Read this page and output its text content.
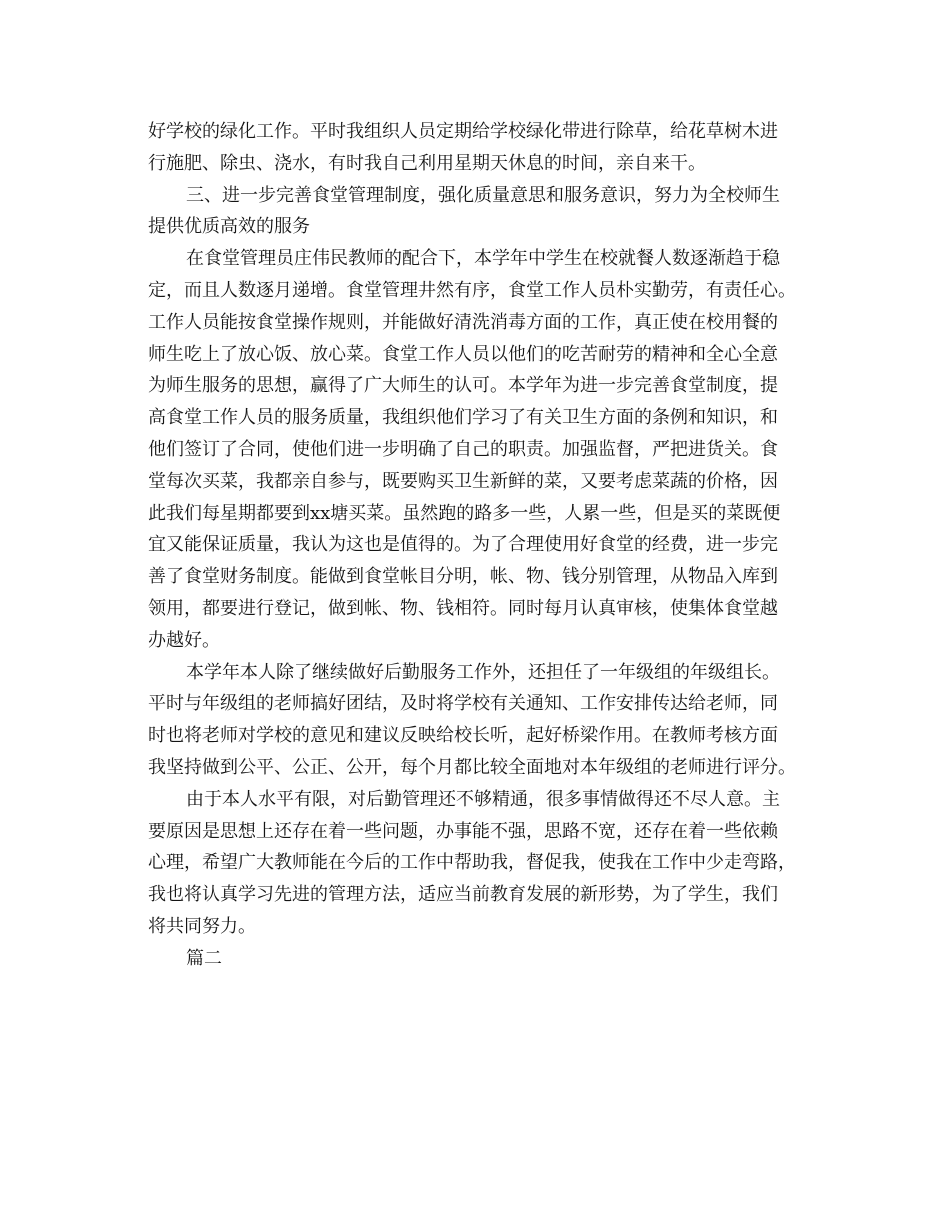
好学校的绿化工作。平时我组织人员定期给学校绿化带进行除草，给花草树木进
行施肥、除虫、浇水，有时我自己利用星期天休息的时间，亲自来干。
三、进一步完善食堂管理制度，强化质量意思和服务意识，努力为全校师生
提供优质高效的服务
在食堂管理员庄伟民教师的配合下，本学年中学生在校就餐人数逐渐趋于稳
定，而且人数逐月递增。食堂管理井然有序，食堂工作人员朴实勤劳，有责任心。
工作人员能按食堂操作规则，并能做好清洗消毒方面的工作，真正使在校用餐的
师生吃上了放心饭、放心菜。食堂工作人员以他们的吃苦耐劳的精神和全心全意
为师生服务的思想，赢得了广大师生的认可。本学年为进一步完善食堂制度，提
高食堂工作人员的服务质量，我组织他们学习了有关卫生方面的条例和知识，和
他们签订了合同，使他们进一步明确了自己的职责。加强监督，严把进货关。食
堂每次买菜，我都亲自参与，既要购买卫生新鲜的菜，又要考虑菜蔬的价格，因
此我们每星期都要到xx塘买菜。虽然跑的路多一些，人累一些，但是买的菜既便
宜又能保证质量，我认为这也是值得的。为了合理使用好食堂的经费，进一步完
善了食堂财务制度。能做到食堂帐目分明，帐、物、钱分别管理，从物品入库到
领用，都要进行登记，做到帐、物、钱相符。同时每月认真审核，使集体食堂越
办越好。
本学年本人除了继续做好后勤服务工作外，还担任了一年级组的年级组长。
平时与年级组的老师搞好团结，及时将学校有关通知、工作安排传达给老师，同
时也将老师对学校的意见和建议反映给校长听，起好桥梁作用。在教师考核方面
我坚持做到公平、公正、公开，每个月都比较全面地对本年级组的老师进行评分。
由于本人水平有限，对后勤管理还不够精通，很多事情做得还不尽人意。主
要原因是思想上还存在着一些问题，办事能不强，思路不宽，还存在着一些依赖
心理，希望广大教师能在今后的工作中帮助我，督促我，使我在工作中少走弯路，
我也将认真学习先进的管理方法，适应当前教育发展的新形势，为了学生，我们
将共同努力。
篇二
